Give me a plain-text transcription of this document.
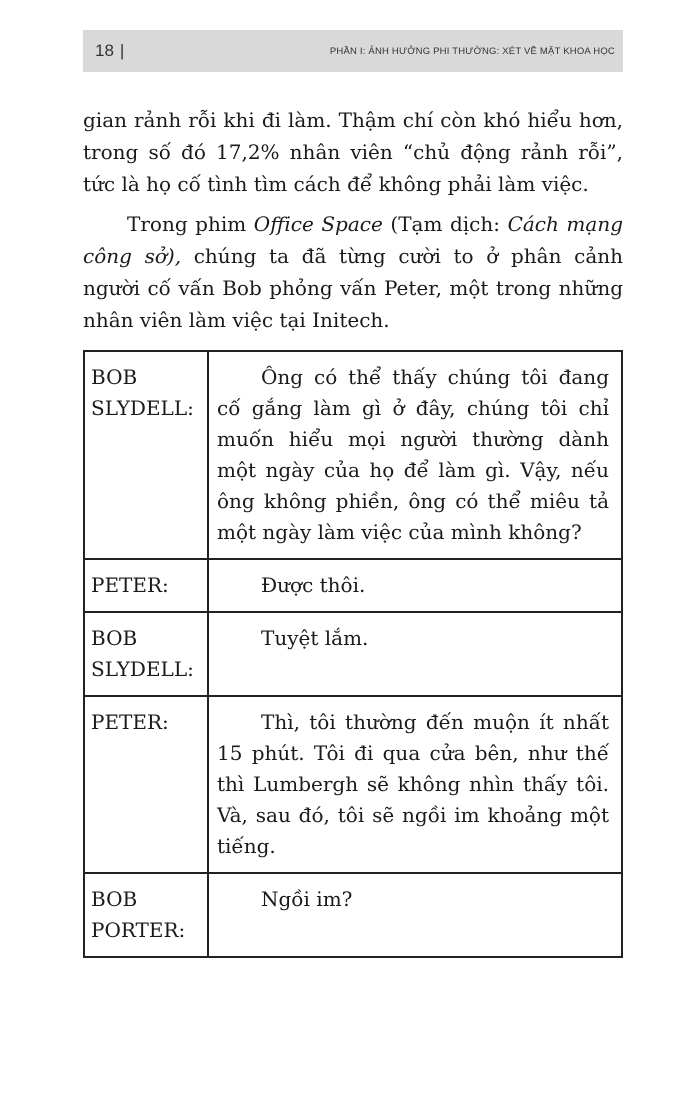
18 |	PHẦN I: ẢNH HƯỞNG PHI THƯỜNG: XÉT VỀ MẶT KHOA HỌC

gian rảnh rỗi khi đi làm. Thậm chí còn khó hiểu hơn, trong số đó 17,2% nhân viên “chủ động rảnh rỗi”, tức là họ cố tình tìm cách để không phải làm việc.

Trong phim Office Space (Tạm dịch: Cách mạng công sở), chúng ta đã từng cười to ở phân cảnh người cố vấn Bob phỏng vấn Peter, một trong những nhân viên làm việc tại Initech.

BOB SLYDELL:	Ông có thể thấy chúng tôi đang cố gắng làm gì ở đây, chúng tôi chỉ muốn hiểu mọi người thường dành một ngày của họ để làm gì. Vậy, nếu ông không phiền, ông có thể miêu tả một ngày làm việc của mình không?
PETER:	Được thôi.
BOB SLYDELL:	Tuyệt lắm.
PETER:	Thì, tôi thường đến muộn ít nhất 15 phút. Tôi đi qua cửa bên, như thế thì Lumbergh sẽ không nhìn thấy tôi. Và, sau đó, tôi sẽ ngồi im khoảng một tiếng.
BOB PORTER:	Ngồi im?
